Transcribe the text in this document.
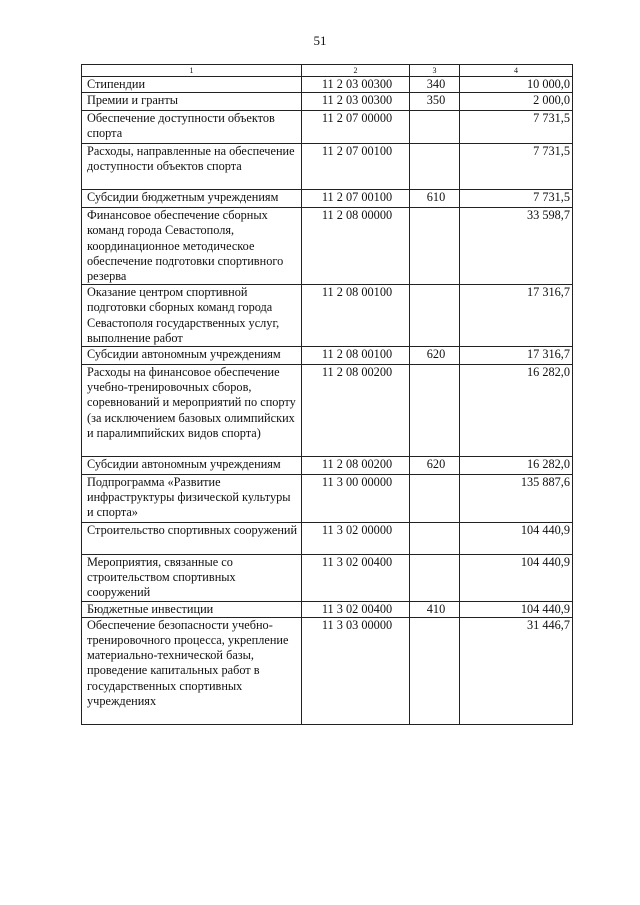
51
1	2	3	4
Стипендии	11 2 03 00300	340	10 000,0
Премии и гранты	11 2 03 00300	350	2 000,0
Обеспечение доступности объектов спорта	11 2 07 00000		7 731,5
Расходы, направленные на обеспечение доступности объектов спорта	11 2 07 00100		7 731,5
Субсидии бюджетным учреждениям	11 2 07 00100	610	7 731,5
Финансовое обеспечение сборных команд города Севастополя, координационное методическое обеспечение подготовки спортивного резерва	11 2 08 00000		33 598,7
Оказание центром спортивной подготовки сборных команд города Севастополя государственных услуг, выполнение работ	11 2 08 00100		17 316,7
Субсидии автономным учреждениям	11 2 08 00100	620	17 316,7
Расходы на финансовое обеспечение учебно-тренировочных сборов, соревнований и мероприятий по спорту (за исключением базовых олимпийских и паралимпийских видов спорта)	11 2 08 00200		16 282,0
Субсидии автономным учреждениям	11 2 08 00200	620	16 282,0
Подпрограмма «Развитие инфраструктуры физической культуры и спорта»	11 3 00 00000		135 887,6
Строительство спортивных сооружений	11 3 02 00000		104 440,9
Мероприятия, связанные со строительством спортивных сооружений	11 3 02 00400		104 440,9
Бюджетные инвестиции	11 3 02 00400	410	104 440,9
Обеспечение безопасности учебно-тренировочного процесса, укрепление материально-технической базы, проведение капитальных работ в государственных спортивных учреждениях	11 3 03 00000		31 446,7
